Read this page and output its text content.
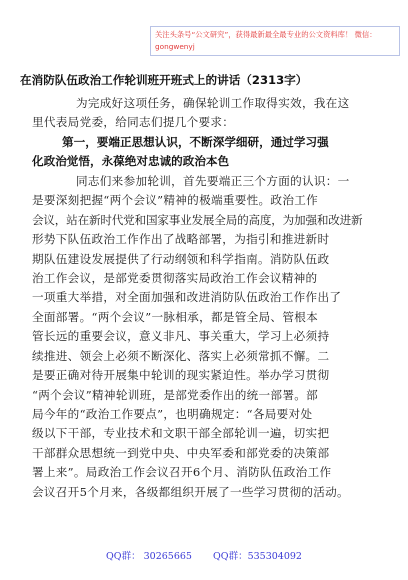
关注头条号“公文研究”，获得最新最全最专业的公文资料库！ 微信：gongwenyj
在消防队伍政治工作轮训班开班式上的讲话（2313字）
为完成好这项任务，确保轮训工作取得实效，我在这
里代表局党委，给同志们提几个要求：
第一，要端正思想认识，不断深学细研，通过学习强
化政治觉悟，永葆绝对忠诚的政治本色
同志们来参加轮训，首先要端正三个方面的认识：一
是要深刻把握“两个会议”精神的极端重要性。政治工作
会议，站在新时代党和国家事业发展全局的高度，为加强和改进新
形势下队伍政治工作作出了战略部署，为指引和推进新时
期队伍建设发展提供了行动纲领和科学指南。消防队伍政
治工作会议，是部党委贯彻落实局政治工作会议精神的
一项重大举措，对全面加强和改进消防队伍政治工作作出了
全面部署。“两个会议”一脉相承，都是管全局、管根本
管长远的重要会议，意义非凡、事关重大，学习上必须持
续推进、领会上必须不断深化、落实上必须常抓不懈。二
是要正确对待开展集中轮训的现实紧迫性。举办学习贯彻
“两个会议”精神轮训班，是部党委作出的统一部署。部
局今年的“政治工作要点”，也明确规定：“各局要对处
级以下干部，专业技术和文职干部全部轮训一遍，切实把
干部群众思想统一到党中央、中央军委和部党委的决策部
署上来”。局政治工作会议召开6个月、消防队伍政治工作
会议召开5个月来，各级都组织开展了一些学习贯彻的活动。
QQ群： 30265665 QQ群：535304092
